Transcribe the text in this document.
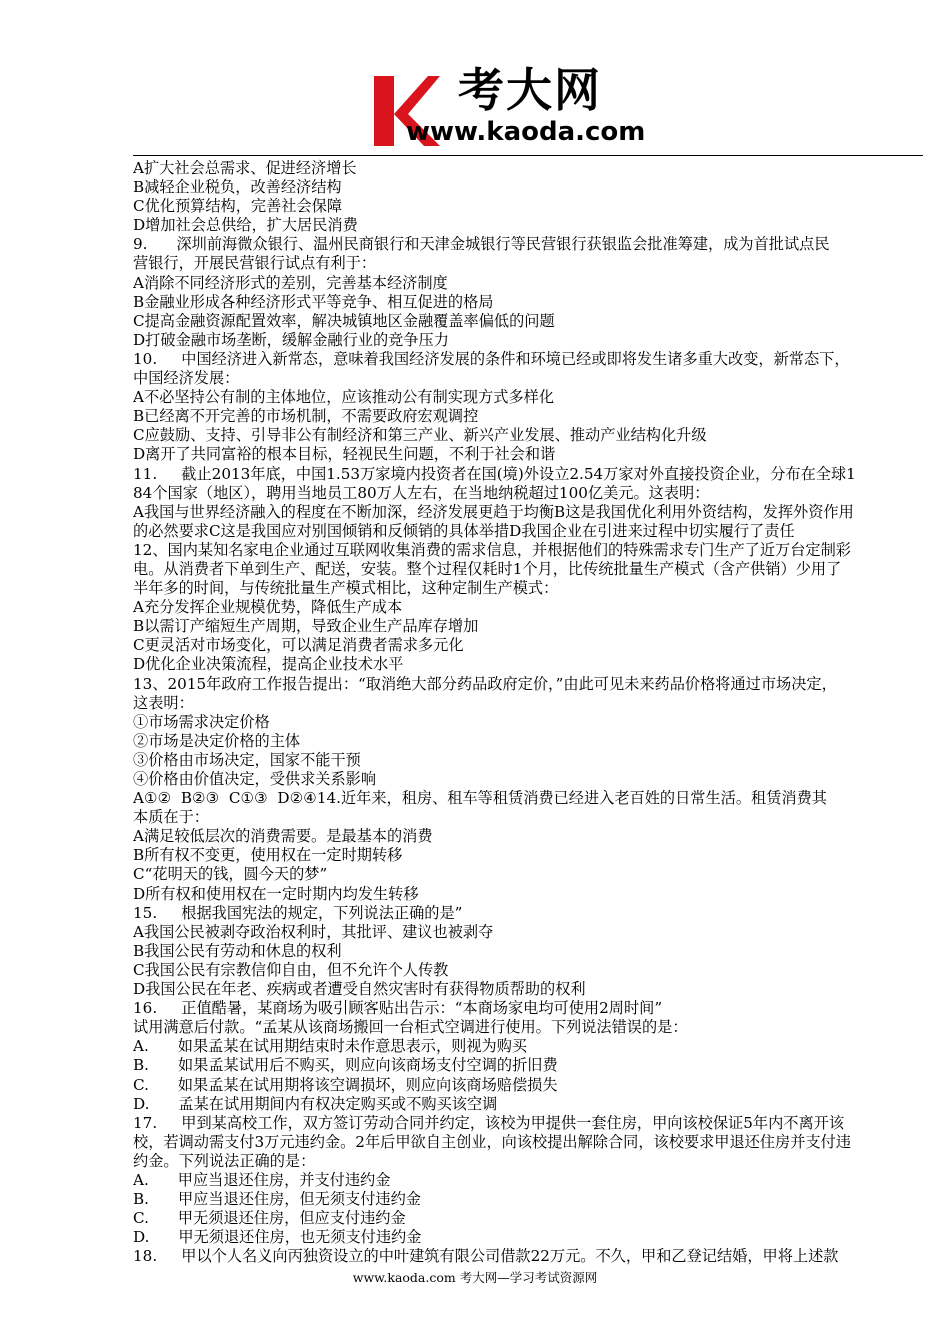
考大网
www.kaoda.com
A扩大社会总需求、促进经济增长
B减轻企业税负，改善经济结构
C优化预算结构，完善社会保障
D增加社会总供给，扩大居民消费
9.      深圳前海微众银行、温州民商银行和天津金城银行等民营银行获银监会批准筹建，成为首批试点民
营银行，开展民营银行试点有利于：
A消除不同经济形式的差别，完善基本经济制度
B金融业形成各种经济形式平等竞争、相互促进的格局
C提高金融资源配置效率，解决城镇地区金融覆盖率偏低的问题
D打破金融市场垄断，缓解金融行业的竞争压力
10.     中国经济进入新常态，意味着我国经济发展的条件和环境已经或即将发生诸多重大改变，新常态下，
中国经济发展：
A不必坚持公有制的主体地位，应该推动公有制实现方式多样化
B已经离不开完善的市场机制，不需要政府宏观调控
C应鼓励、支持、引导非公有制经济和第三产业、新兴产业发展、推动产业结构化升级
D离开了共同富裕的根本目标，轻视民生问题，不利于社会和谐
11.     截止2013年底，中国1.53万家境内投资者在国(境)外设立2.54万家对外直接投资企业，分布在全球1
84个国家（地区），聘用当地员工80万人左右，在当地纳税超过100亿美元。这表明：
A我国与世界经济融入的程度在不断加深，经济发展更趋于均衡B这是我国优化利用外资结构，发挥外资作用
的必然要求C这是我国应对别国倾销和反倾销的具体举措D我国企业在引进来过程中切实履行了责任
12、国内某知名家电企业通过互联网收集消费的需求信息，并根据他们的特殊需求专门生产了近万台定制彩
电。从消费者下单到生产、配送，安装。整个过程仅耗时1个月，比传统批量生产模式（含产供销）少用了
半年多的时间，与传统批量生产模式相比，这种定制生产模式：
A充分发挥企业规模优势，降低生产成本
B以需订产缩短生产周期，导致企业生产品库存增加
C更灵活对市场变化，可以满足消费者需求多元化
D优化企业决策流程，提高企业技术水平
13、2015年政府工作报告提出：“取消绝大部分药品政府定价，”由此可见未来药品价格将通过市场决定，
这表明：
①市场需求决定价格
②市场是决定价格的主体
③价格由市场决定，国家不能干预
④价格由价值决定，受供求关系影响
A①②  B②③  C①③  D②④14.近年来，租房、租车等租赁消费已经进入老百姓的日常生活。租赁消费其
本质在于：
A满足较低层次的消费需要。是最基本的消费
B所有权不变更，使用权在一定时期转移
C“花明天的钱，圆今天的梦”
D所有权和使用权在一定时期内均发生转移
15.     根据我国宪法的规定，下列说法正确的是”
A我国公民被剥夺政治权利时，其批评、建议也被剥夺
B我国公民有劳动和休息的权利
C我国公民有宗教信仰自由，但不允许个人传教
D我国公民在年老、疾病或者遭受自然灾害时有获得物质帮助的权利
16.     正值酷暑，某商场为吸引顾客贴出告示：“本商场家电均可使用2周时间”
试用满意后付款。“孟某从该商场搬回一台柜式空调进行使用。下列说法错误的是：
A.      如果孟某在试用期结束时未作意思表示，则视为购买
B.      如果孟某试用后不购买，则应向该商场支付空调的折旧费
C.      如果孟某在试用期将该空调损坏，则应向该商场赔偿损失
D.      孟某在试用期间内有权决定购买或不购买该空调
17.     甲到某高校工作，双方签订劳动合同并约定，该校为甲提供一套住房，甲向该校保证5年内不离开该
校，若调动需支付3万元违约金。2年后甲欲自主创业，向该校提出解除合同，该校要求甲退还住房并支付违
约金。下列说法正确的是：
A.      甲应当退还住房，并支付违约金
B.      甲应当退还住房，但无须支付违约金
C.      甲无须退还住房，但应支付违约金
D.      甲无须退还住房，也无须支付违约金
18.     甲以个人名义向丙独资设立的中叶建筑有限公司借款22万元。不久，甲和乙登记结婚，甲将上述款
www.kaoda.com 考大网—学习考试资源网
